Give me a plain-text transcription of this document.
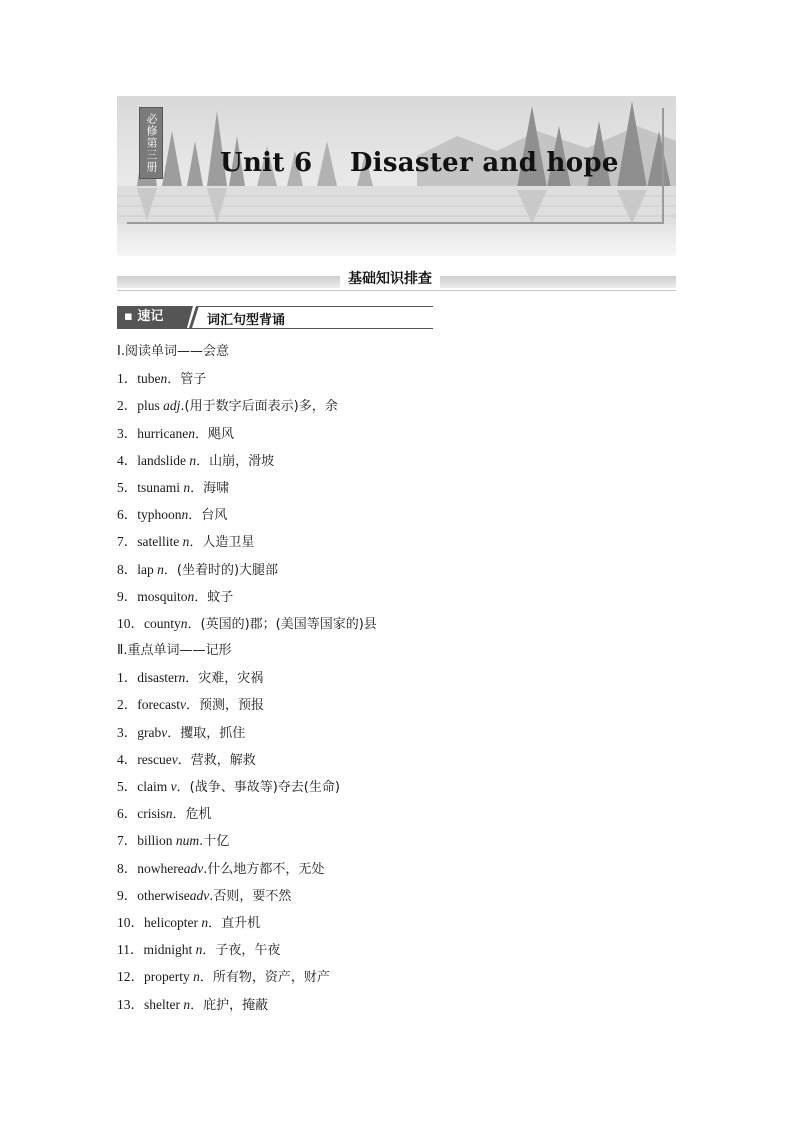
必修第三册 Unit 6    Disaster and hope
基础知识排查
▪ 速记	词汇句型背诵
Ⅰ.阅读单词——会意
1．tuben．管子
2．plus adj.(用于数字后面表示)多，余
3．hurricanen．飓风
4．landslide n．山崩，滑坡
5．tsunami n．海啸
6．typhoonn．台风
7．satellite n．人造卫星
8．lap n．(坐着时的)大腿部
9．mosquiton．蚊子
10．countyn．(英国的)郡；(美国等国家的)县
Ⅱ.重点单词——记形
1．disastern．灾难，灾祸
2．forecastv．预测，预报
3．grabv．攫取，抓住
4．rescuev．营救，解救
5．claim v．(战争、事故等)夺去(生命)
6．crisisn．危机
7．billion num.十亿
8．nowhereadv.什么地方都不，无处
9．otherwiseadv.否则，要不然
10．helicopter n．直升机
11．midnight n．子夜，午夜
12．property n．所有物，资产，财产
13．shelter n．庇护，掩蔽
